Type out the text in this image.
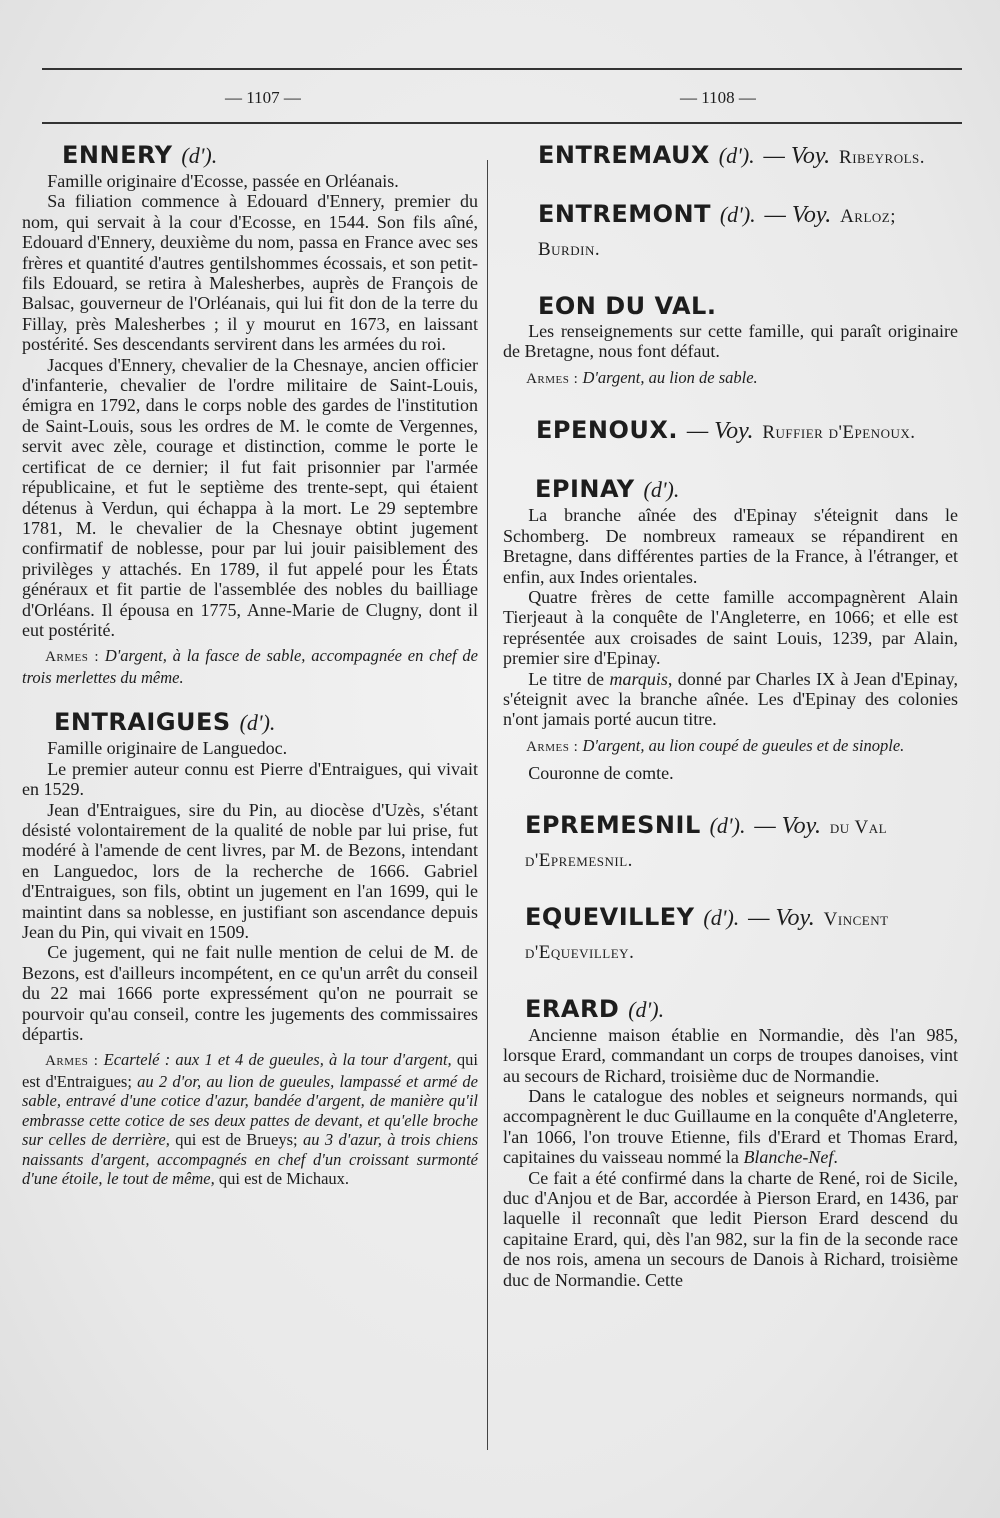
— 1107 —	— 1108 —
ENNERY (d').

Famille originaire d'Ecosse, passée en Orléanais.

Sa filiation commence à Edouard d'Ennery, premier du nom, qui servait à la cour d'Ecosse, en 1544. Son fils aîné, Edouard d'Ennery, deuxième du nom, passa en France avec ses frères et quantité d'autres gentilshommes écossais, et son petit-fils Edouard, se retira à Malesherbes, auprès de François de Balsac, gouverneur de l'Orléanais, qui lui fit don de la terre du Fillay, près Malesherbes ; il y mourut en 1673, en laissant postérité. Ses descendants servirent dans les armées du roi.

Jacques d'Ennery, chevalier de la Chesnaye, ancien officier d'infanterie, chevalier de l'ordre militaire de Saint-Louis, émigra en 1792, dans le corps noble des gardes de l'institution de Saint-Louis, sous les ordres de M. le comte de Vergennes, servit avec zèle, courage et distinction, comme le porte le certificat de ce dernier; il fut fait prisonnier par l'armée républicaine, et fut le septième des trente-sept, qui étaient détenus à Verdun, qui échappa à la mort. Le 29 septembre 1781, M. le chevalier de la Chesnaye obtint jugement confirmatif de noblesse, pour par lui jouir paisiblement des privilèges y attachés. En 1789, il fut appelé pour les États généraux et fit partie de l'assemblée des nobles du bailliage d'Orléans. Il épousa en 1775, Anne-Marie de Clugny, dont il eut postérité.

Armes : D'argent, à la fasce de sable, accompagnée en chef de trois merlettes du même.

ENTRAIGUES (d').

Famille originaire de Languedoc.

Le premier auteur connu est Pierre d'Entraigues, qui vivait en 1529.

Jean d'Entraigues, sire du Pin, au diocèse d'Uzès, s'étant désisté volontairement de la qualité de noble par lui prise, fut modéré à l'amende de cent livres, par M. de Bezons, intendant en Languedoc, lors de la recherche de 1666. Gabriel d'Entraigues, son fils, obtint un jugement en l'an 1699, qui le maintint dans sa noblesse, en justifiant son ascendance depuis Jean du Pin, qui vivait en 1509.

Ce jugement, qui ne fait nulle mention de celui de M. de Bezons, est d'ailleurs incompétent, en ce qu'un arrêt du conseil du 22 mai 1666 porte expressément qu'on ne pourrait se pourvoir qu'au conseil, contre les jugements des commissaires départis.

Armes : Ecartelé : aux 1 et 4 de gueules, à la tour d'argent, qui est d'Entraigues; au 2 d'or, au lion de gueules, lampassé et armé de sable, entravé d'une cotice d'azur, bandée d'argent, de manière qu'il embrasse cette cotice de ses deux pattes de devant, et qu'elle broche sur celles de derrière, qui est de Brueys; au 3 d'azur, à trois chiens naissants d'argent, accompagnés en chef d'un croissant surmonté d'une étoile, le tout de même, qui est de Michaux.

ENTREMAUX (d'). — Voy. Ribeyrols.
ENTREMONT (d'). — Voy. Arloz; Burdin.
EON DU VAL.

Les renseignements sur cette famille, qui paraît originaire de Bretagne, nous font défaut.

Armes : D'argent, au lion de sable.

EPENOUX. — Voy. Ruffier d'Epenoux.
EPINAY (d').

La branche aînée des d'Epinay s'éteignit dans le Schomberg. De nombreux rameaux se répandirent en Bretagne, dans différentes parties de la France, à l'étranger, et enfin, aux Indes orientales.

Quatre frères de cette famille accompagnèrent Alain Tierjeaut à la conquête de l'Angleterre, en 1066; et elle est représentée aux croisades de saint Louis, 1239, par Alain, premier sire d'Epinay.

Le titre de marquis, donné par Charles IX à Jean d'Epinay, s'éteignit avec la branche aînée. Les d'Epinay des colonies n'ont jamais porté aucun titre.

Armes : D'argent, au lion coupé de gueules et de sinople.

Couronne de comte.

EPREMESNIL (d'). — Voy. du Val d'Epremesnil.
EQUEVILLEY (d'). — Voy. Vincent d'Equevilley.
ERARD (d').

Ancienne maison établie en Normandie, dès l'an 985, lorsque Erard, commandant un corps de troupes danoises, vint au secours de Richard, troisième duc de Normandie.

Dans le catalogue des nobles et seigneurs normands, qui accompagnèrent le duc Guillaume en la conquête d'Angleterre, l'an 1066, l'on trouve Etienne, fils d'Erard et Thomas Erard, capitaines du vaisseau nommé la Blanche-Nef.

Ce fait a été confirmé dans la charte de René, roi de Sicile, duc d'Anjou et de Bar, accordée à Pierson Erard, en 1436, par laquelle il reconnaît que ledit Pierson Erard descend du capitaine Erard, qui, dès l'an 982, sur la fin de la seconde race de nos rois, amena un secours de Danois à Richard, troisième duc de Normandie. Cette
